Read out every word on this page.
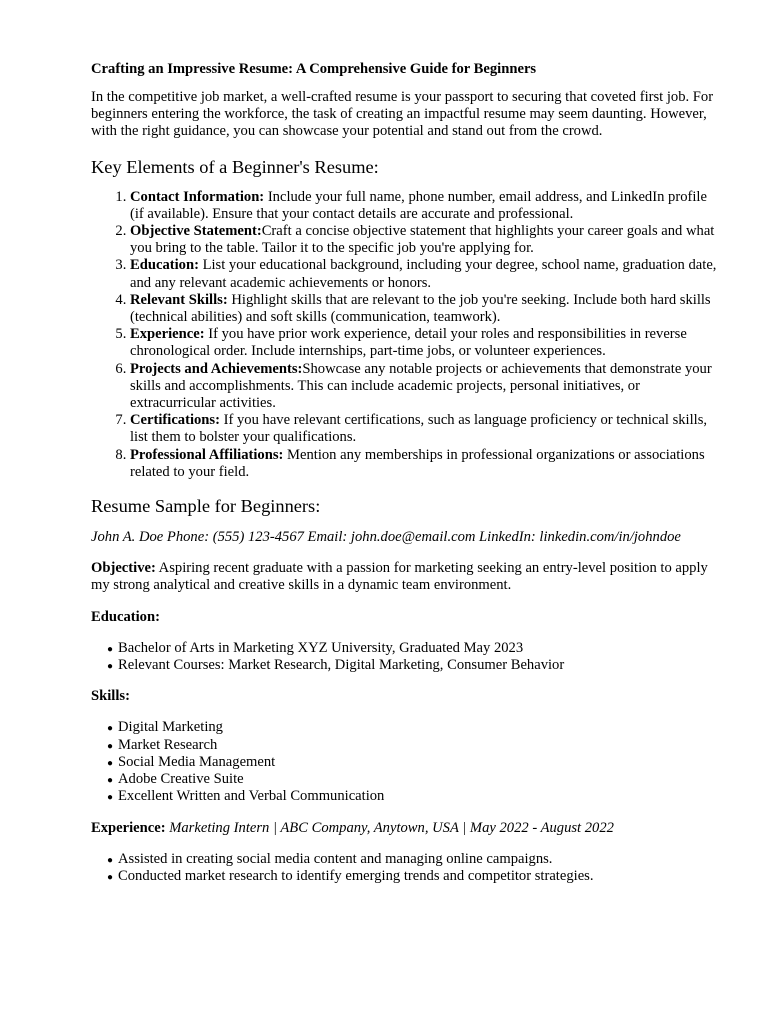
Crafting an Impressive Resume: A Comprehensive Guide for Beginners
In the competitive job market, a well-crafted resume is your passport to securing that coveted first job. For beginners entering the workforce, the task of creating an impactful resume may seem daunting. However, with the right guidance, you can showcase your potential and stand out from the crowd.
Key Elements of a Beginner's Resume:
1. Contact Information: Include your full name, phone number, email address, and LinkedIn profile (if available). Ensure that your contact details are accurate and professional.
2. Objective Statement:Craft a concise objective statement that highlights your career goals and what you bring to the table. Tailor it to the specific job you're applying for.
3. Education: List your educational background, including your degree, school name, graduation date, and any relevant academic achievements or honors.
4. Relevant Skills: Highlight skills that are relevant to the job you're seeking. Include both hard skills (technical abilities) and soft skills (communication, teamwork).
5. Experience: If you have prior work experience, detail your roles and responsibilities in reverse chronological order. Include internships, part-time jobs, or volunteer experiences.
6. Projects and Achievements:Showcase any notable projects or achievements that demonstrate your skills and accomplishments. This can include academic projects, personal initiatives, or extracurricular activities.
7. Certifications: If you have relevant certifications, such as language proficiency or technical skills, list them to bolster your qualifications.
8. Professional Affiliations: Mention any memberships in professional organizations or associations related to your field.
Resume Sample for Beginners:
John A. Doe Phone: (555) 123-4567 Email: john.doe@email.com LinkedIn: linkedin.com/in/johndoe
Objective: Aspiring recent graduate with a passion for marketing seeking an entry-level position to apply my strong analytical and creative skills in a dynamic team environment.
Education:
● Bachelor of Arts in Marketing XYZ University, Graduated May 2023
● Relevant Courses: Market Research, Digital Marketing, Consumer Behavior
Skills:
● Digital Marketing
● Market Research
● Social Media Management
● Adobe Creative Suite
● Excellent Written and Verbal Communication
Experience: Marketing Intern | ABC Company, Anytown, USA | May 2022 - August 2022
● Assisted in creating social media content and managing online campaigns.
● Conducted market research to identify emerging trends and competitor strategies.
